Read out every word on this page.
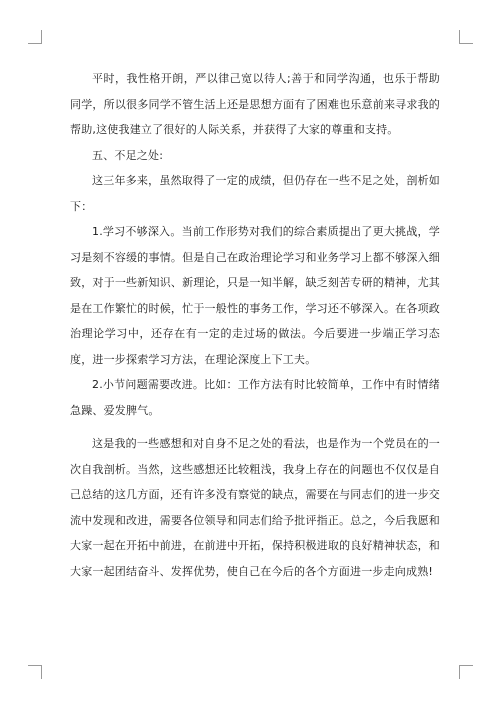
平时，我性格开朗，严以律己宽以待人;善于和同学沟通，也乐于帮助同学，所以很多同学不管生活上还是思想方面有了困难也乐意前来寻求我的帮助,这使我建立了很好的人际关系，并获得了大家的尊重和支持。

五、不足之处:

这三年多来，虽然取得了一定的成绩，但仍存在一些不足之处，剖析如下：

1.学习不够深入。当前工作形势对我们的综合素质提出了更大挑战，学习是刻不容缓的事情。但是自己在政治理论学习和业务学习上都不够深入细致，对于一些新知识、新理论，只是一知半解，缺乏刻苦专研的精神，尤其是在工作繁忙的时候，忙于一般性的事务工作，学习还不够深入。在各项政治理论学习中，还存在有一定的走过场的做法。今后要进一步端正学习态度，进一步探索学习方法，在理论深度上下工夫。

2.小节问题需要改进。比如：工作方法有时比较简单，工作中有时情绪急躁、爱发脾气。

这是我的一些感想和对自身不足之处的看法，也是作为一个党员在的一次自我剖析。当然，这些感想还比较粗浅，我身上存在的问题也不仅仅是自己总结的这几方面，还有许多没有察觉的缺点，需要在与同志们的进一步交流中发现和改进，需要各位领导和同志们给予批评指正。总之，今后我愿和大家一起在开拓中前进，在前进中开拓，保持积极进取的良好精神状态，和大家一起团结奋斗、发挥优势，使自己在今后的各个方面进一步走向成熟!
